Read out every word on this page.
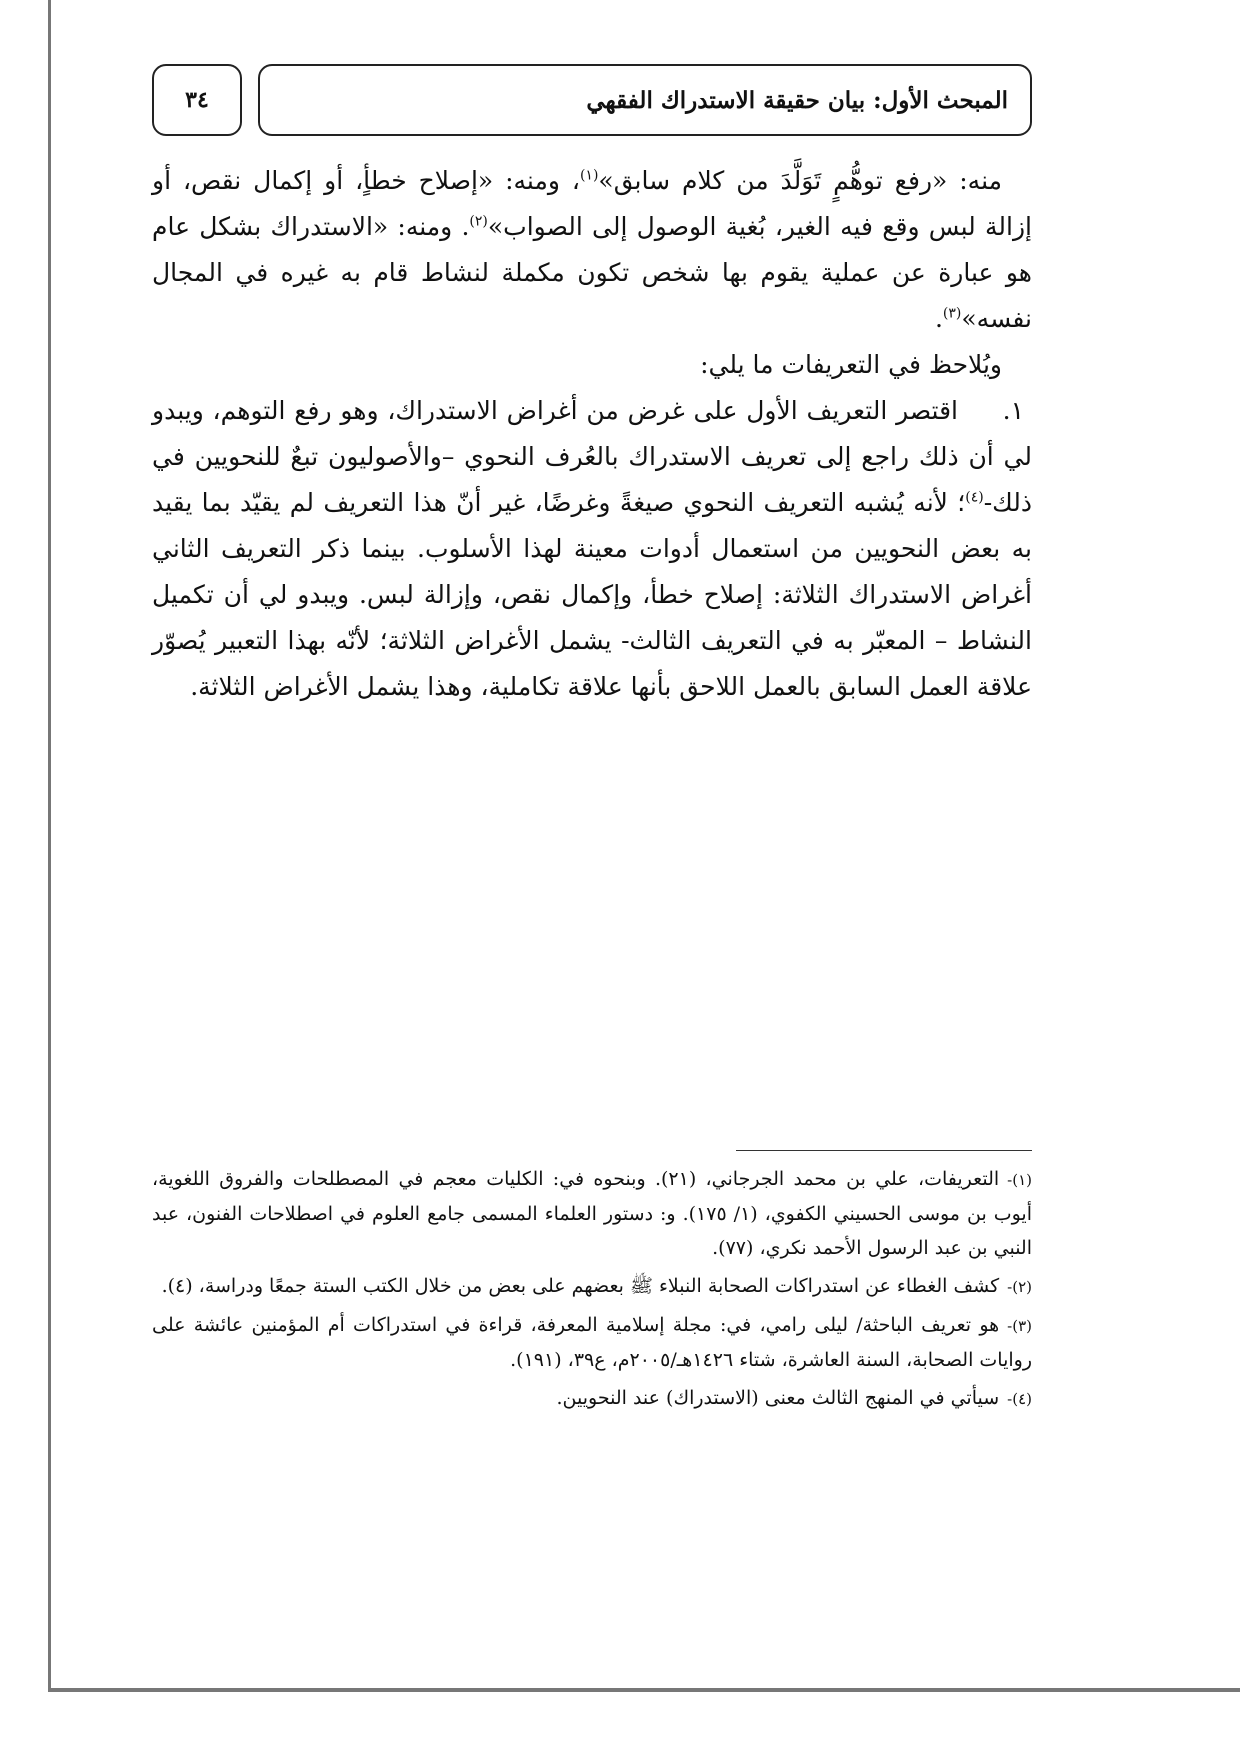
المبحث الأول: بيان حقيقة الاستدراك الفقهي
٣٤

منه: «رفع توهُّمٍ تَوَلَّدَ من كلام سابق»$^{(١)}$، ومنه: «إصلاح خطأٍ، أو إكمال نقص، أو إزالة لبس وقع فيه الغير، بُغية الوصول إلى الصواب»$^{(٢)}$. ومنه: «الاستدراك بشكل عام هو عبارة عن عملية يقوم بها شخص تكون مكملة لنشاط قام به غيره في المجال نفسه»$^{(٣)}$.

ويُلاحظ في التعريفات ما يلي:

١.اقتصر التعريف الأول على غرض من أغراض الاستدراك، وهو رفع التوهم، ويبدو لي أن ذلك راجع إلى تعريف الاستدراك بالعُرف النحوي –والأصوليون تبعٌ للنحويين في ذلك-$^{(٤)}$؛ لأنه يُشبه التعريف النحوي صيغةً وغرضًا، غير أنّ هذا التعريف لم يقيّد بما يقيد به بعض النحويين من استعمال أدوات معينة لهذا الأسلوب. بينما ذكر التعريف الثاني أغراض الاستدراك الثلاثة: إصلاح خطأ، وإكمال نقص، وإزالة لبس. ويبدو لي أن تكميل النشاط – المعبّر به في التعريف الثالث- يشمل الأغراض الثلاثة؛ لأنّه بهذا التعبير يُصوّر علاقة العمل السابق بالعمل اللاحق بأنها علاقة تكاملية، وهذا يشمل الأغراض الثلاثة.

(١)-التعريفات، علي بن محمد الجرجاني، (٢١). وبنحوه في: الكليات معجم في المصطلحات والفروق اللغوية، أيوب بن موسى الحسيني الكفوي، (١/ ١٧٥). و: دستور العلماء المسمى جامع العلوم في اصطلاحات الفنون، عبد النبي بن عبد الرسول الأحمد نكري، (٧٧).

(٢)-كشف الغطاء عن استدراكات الصحابة النبلاء ﷺ بعضهم على بعض من خلال الكتب الستة جمعًا ودراسة، (٤).

(٣)-هو تعريف الباحثة/ ليلى رامي، في: مجلة إسلامية المعرفة، قراءة في استدراكات أم المؤمنين عائشة على روايات الصحابة، السنة العاشرة، شتاء ١٤٢٦هـ/٢٠٠٥م، ع٣٩، (١٩١).

(٤)-سيأتي في المنهج الثالث معنى (الاستدراك) عند النحويين.
